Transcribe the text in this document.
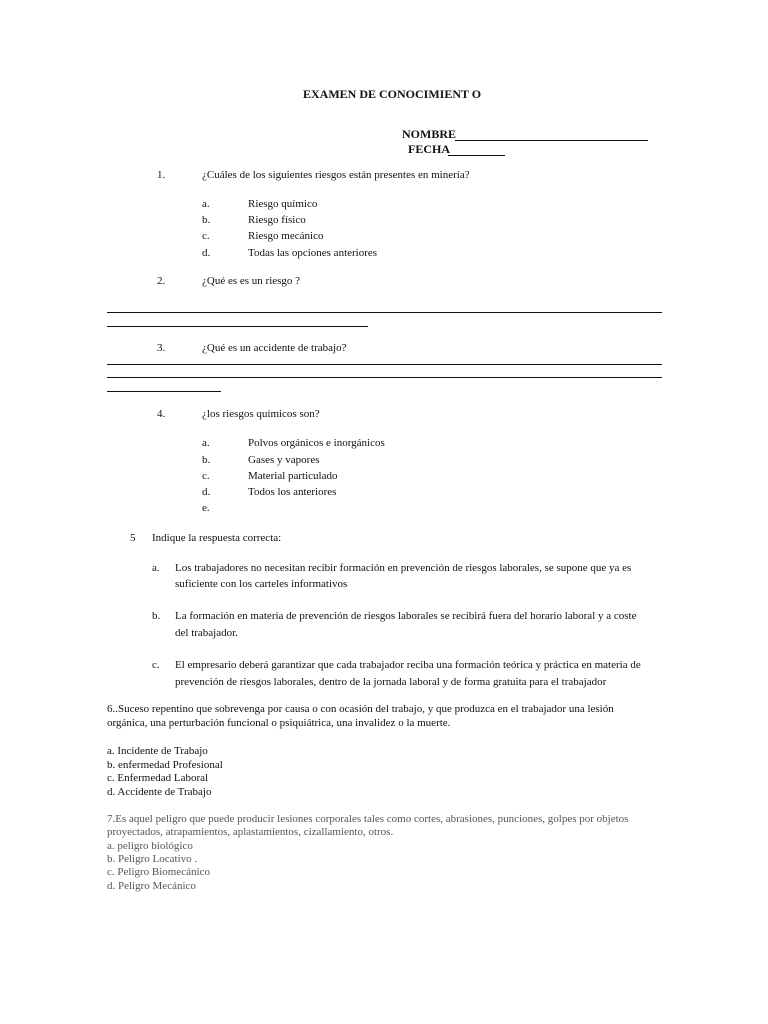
EXAMEN DE CONOCIMIENT O
NOMBRE
FECHA
1.	¿Cuáles de los siguientes riesgos están presentes en minería?
a.	Riesgo químico
b.	Riesgo físico
c.	Riesgo mecánico
d.	Todas las opciones anteriores
2.	¿Qué es es un riesgo ?
3.	¿Qué es un accidente de trabajo?
4.	¿los riesgos químicos son?
a.	Polvos orgánicos e inorgánicos
b.	Gases y vapores
c.	Material particulado
d.	Todos los anteriores
e.
5 Indique la respuesta correcta:
a. Los trabajadores no necesitan recibir formación en prevención de riesgos laborales, se supone que ya es
suficiente con los carteles informativos
b. La formación en materia de prevención de riesgos laborales se recibirá fuera del horario laboral y a coste
del trabajador.
c. El empresario deberá garantizar que cada trabajador reciba una formación teórica y práctica en materia de
prevención de riesgos laborales, dentro de la jornada laboral y de forma gratuita para el trabajador
6..Suceso repentino que sobrevenga por causa o con ocasión del trabajo, y que produzca en el trabajador una lesión
orgánica, una perturbación funcional o psiquiátrica, una invalidez o la muerte.
a. Incidente de Trabajo
b. enfermedad Profesional
c. Enfermedad Laboral
d. Accidente de Trabajo
7.Es aquel peligro que puede producir lesiones corporales tales como cortes, abrasiones, punciones, golpes por objetos
proyectados, atrapamientos, aplastamientos, cizallamiento, otros.
a. peligro biológico
b. Peligro Locativo .
c. Peligro Biomecánico
d. Peligro Mecánico
